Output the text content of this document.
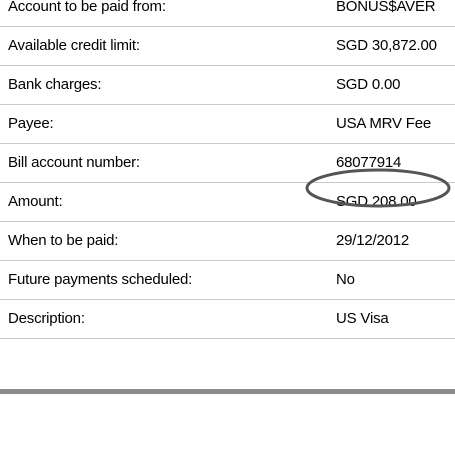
Account to be paid from:	BONUS$AVER
Available credit limit:	SGD 30,872.00
Bank charges:	SGD 0.00
Payee:	USA MRV Fee
Bill account number:	68077914
Amount:	SGD 208.00
When to be paid:	29/12/2012
Future payments scheduled:	No
Description:	US Visa
